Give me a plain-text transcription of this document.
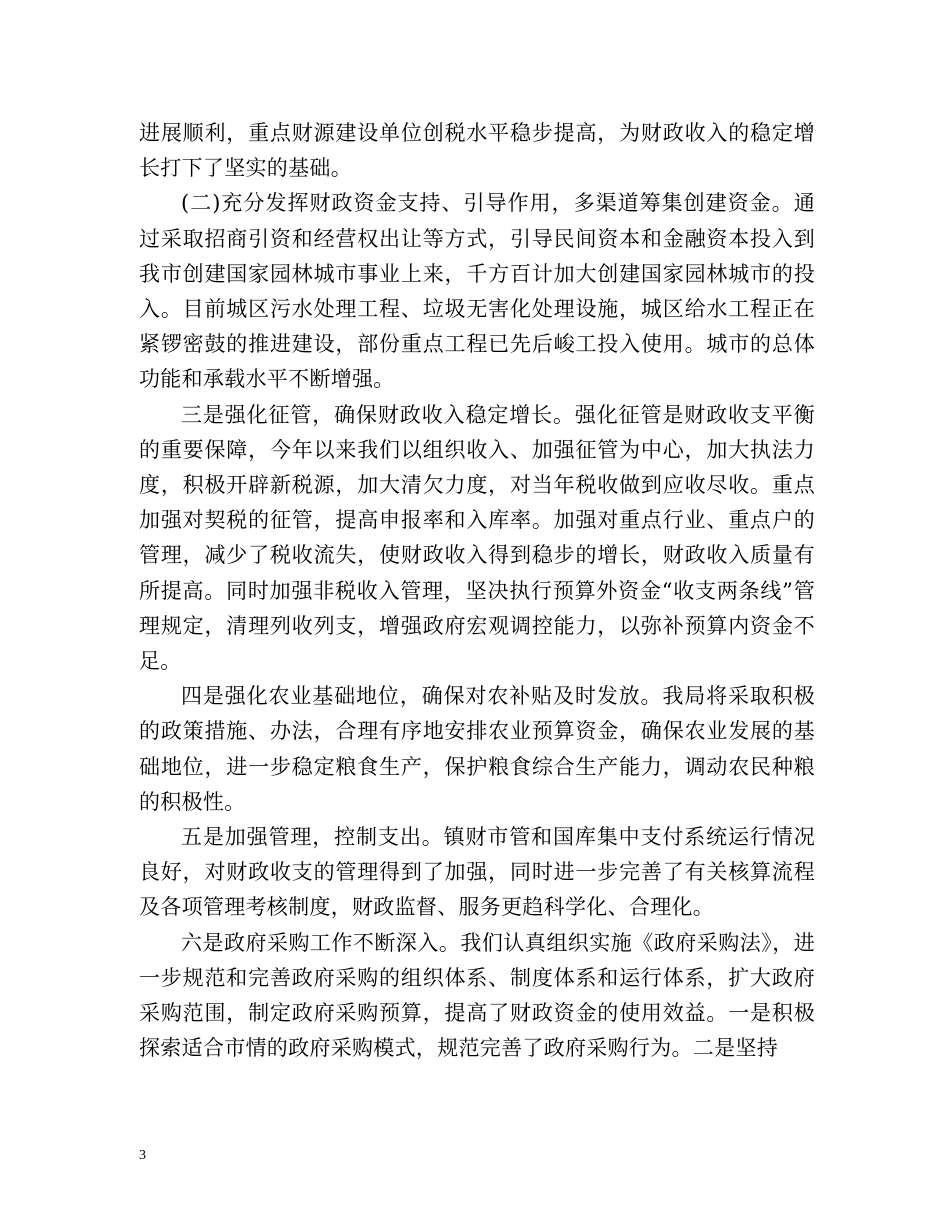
进展顺利，重点财源建设单位创税水平稳步提高，为财政收入的稳定增长打下了坚实的基础。

(二)充分发挥财政资金支持、引导作用，多渠道筹集创建资金。通过采取招商引资和经营权出让等方式，引导民间资本和金融资本投入到我市创建国家园林城市事业上来，千方百计加大创建国家园林城市的投入。目前城区污水处理工程、垃圾无害化处理设施，城区给水工程正在紧锣密鼓的推进建设，部份重点工程已先后峻工投入使用。城市的总体功能和承载水平不断增强。

三是强化征管，确保财政收入稳定增长。强化征管是财政收支平衡的重要保障，今年以来我们以组织收入、加强征管为中心，加大执法力度，积极开辟新税源，加大清欠力度，对当年税收做到应收尽收。重点加强对契税的征管，提高申报率和入库率。加强对重点行业、重点户的管理，减少了税收流失，使财政收入得到稳步的增长，财政收入质量有所提高。同时加强非税收入管理，坚决执行预算外资金“收支两条线”管理规定，清理列收列支，增强政府宏观调控能力，以弥补预算内资金不足。

四是强化农业基础地位，确保对农补贴及时发放。我局将采取积极的政策措施、办法，合理有序地安排农业预算资金，确保农业发展的基础地位，进一步稳定粮食生产，保护粮食综合生产能力，调动农民种粮的积极性。

五是加强管理，控制支出。镇财市管和国库集中支付系统运行情况良好，对财政收支的管理得到了加强，同时进一步完善了有关核算流程及各项管理考核制度，财政监督、服务更趋科学化、合理化。

六是政府采购工作不断深入。我们认真组织实施《政府采购法》，进一步规范和完善政府采购的组织体系、制度体系和运行体系，扩大政府采购范围，制定政府采购预算，提高了财政资金的使用效益。一是积极探索适合市情的政府采购模式，规范完善了政府采购行为。二是坚持

3
